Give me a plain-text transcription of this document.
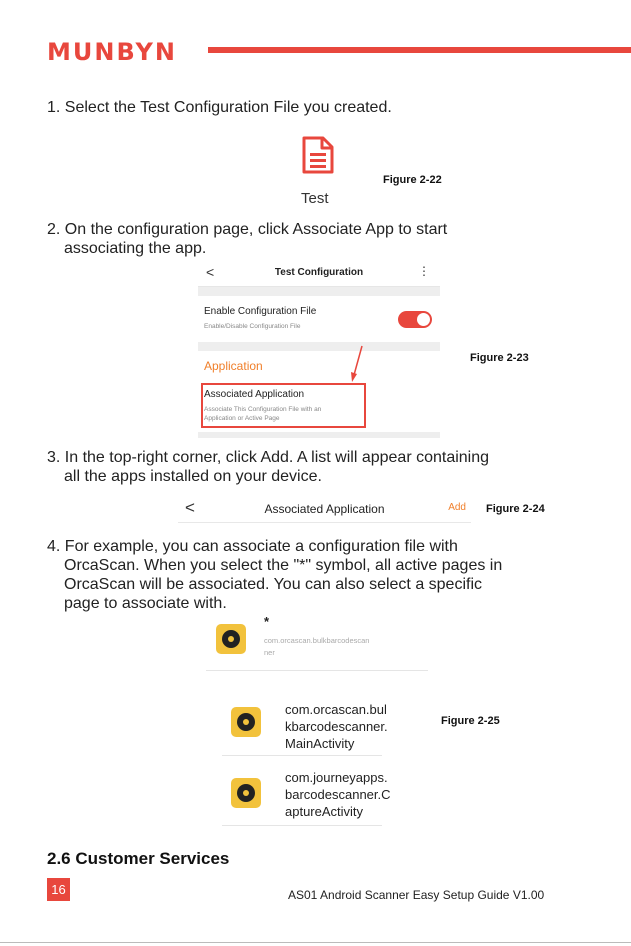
MUNBYN
1. Select the Test Configuration File you created.
Test
Figure 2-22
2. On the configuration page, click Associate App to start
associating the app.
<	Test Configuration	⋮
Enable Configuration File
Enable/Disable Configuration File
Application
Associated Application
Associate This Configuration File with an
Application or Active Page
Figure 2-23
3. In the top-right corner, click Add. A list will appear containing
all the apps installed on your device.
<	Associated Application	Add Figure 2-24
4. For example, you can associate a configuration file with
OrcaScan. When you select the "*" symbol, all active pages in
OrcaScan will be associated. You can also select a specific
page to associate with.
*
com.orcascan.bulkbarcodescan
ner
com.orcascan.bul
kbarcodescanner.
MainActivity
com.journeyapps.
barcodescanner.C
aptureActivity
Figure 2-25
2.6 Customer Services
16	AS01 Android Scanner Easy Setup Guide V1.00
